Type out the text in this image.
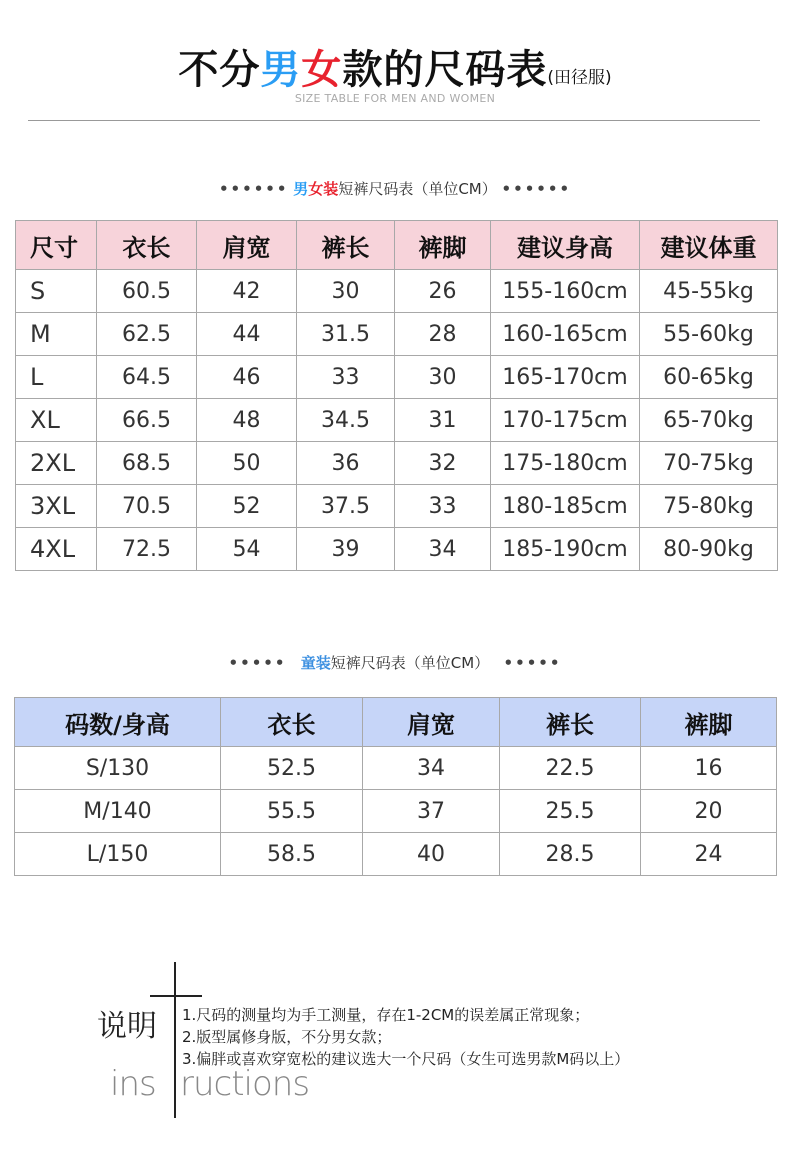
不分男女款的尺码表(田径服)
SIZE TABLE FOR MEN AND WOMEN
•••••• 男女装短裤尺码表（单位CM） ••••••
尺寸	衣长	肩宽	裤长	裤脚	建议身高	建议体重
S	60.5	42	30	26	155-160cm	45-55kg
M	62.5	44	31.5	28	160-165cm	55-60kg
L	64.5	46	33	30	165-170cm	60-65kg
XL	66.5	48	34.5	31	170-175cm	65-70kg
2XL	68.5	50	36	32	175-180cm	70-75kg
3XL	70.5	52	37.5	33	180-185cm	75-80kg
4XL	72.5	54	39	34	185-190cm	80-90kg
••••• 童装短裤尺码表（单位CM） •••••
码数/身高	衣长	肩宽	裤长	裤脚
S/130	52.5	34	22.5	16
M/140	55.5	37	25.5	20
L/150	58.5	40	28.5	24
说明 1.尺码的测量均为手工测量，存在1-2CM的误差属正常现象；
2.版型属修身版，不分男女款；
3.偏胖或喜欢穿宽松的建议选大一个尺码（女生可选男款M码以上）
ins ructions
